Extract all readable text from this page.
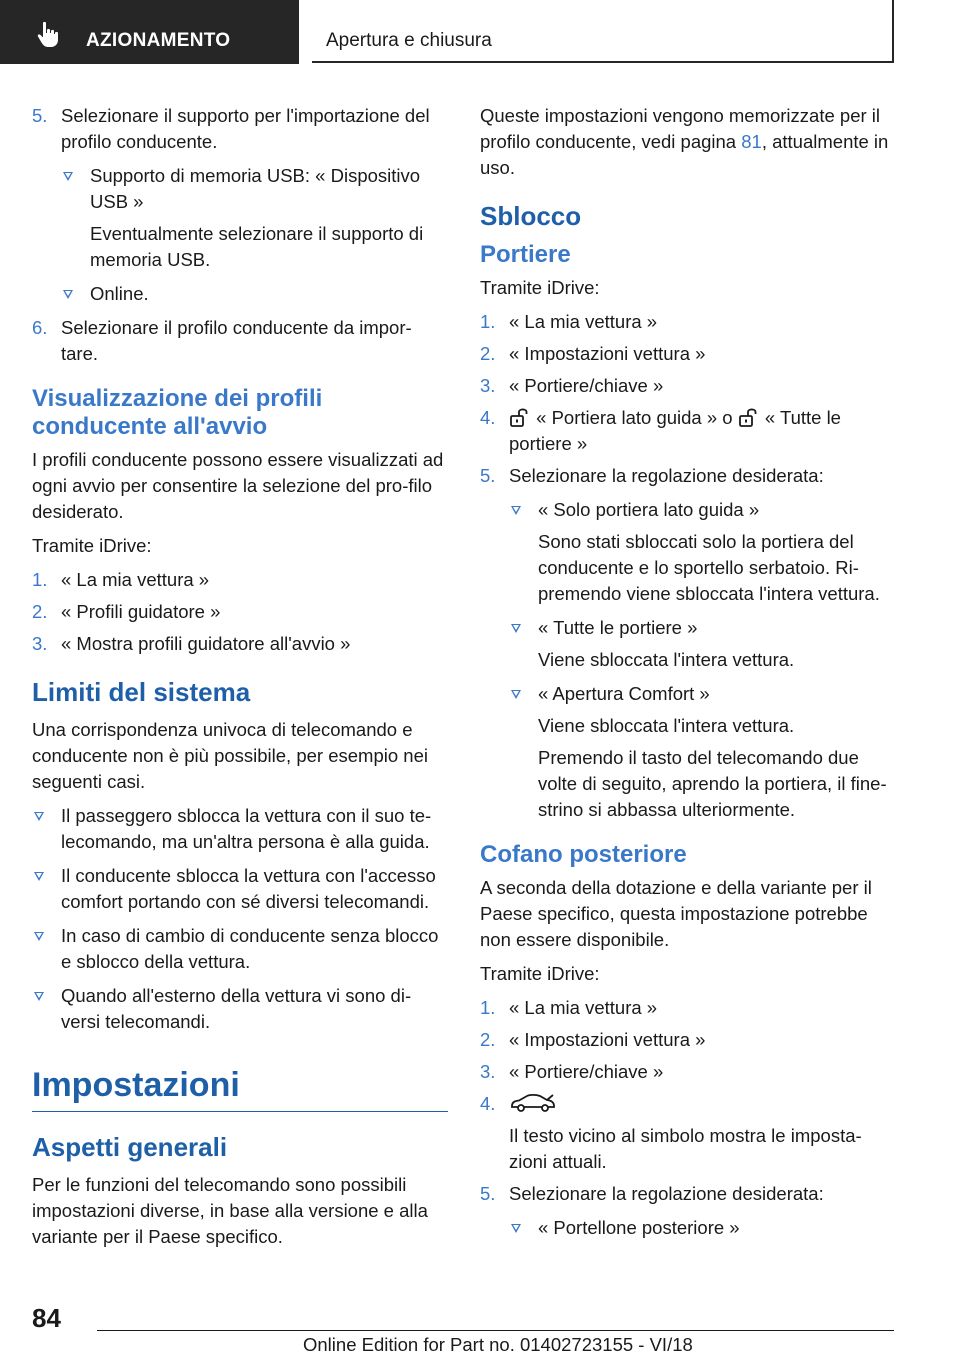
AZIONAMENTO	Apertura e chiusura
5. Selezionare il supporto per l'importazione del profilo conducente.
Supporto di memoria USB: « Dispositivo USB »
Eventualmente selezionare il supporto di memoria USB.
Online.
6. Selezionare il profilo conducente da impor-tare.
Visualizzazione dei profili conducente all'avvio

I profili conducente possono essere visualizzati ad ogni avvio per consentire la selezione del pro-filo desiderato.

Tramite iDrive:

1. « La mia vettura »
2. « Profili guidatore »
3. « Mostra profili guidatore all'avvio »
Limiti del sistema

Una corrispondenza univoca di telecomando e conducente non è più possibile, per esempio nei seguenti casi.

Il passeggero sblocca la vettura con il suo te-lecomando, ma un'altra persona è alla guida.
Il conducente sblocca la vettura con l'accesso comfort portando con sé diversi telecomandi.
In caso di cambio di conducente senza blocco e sblocco della vettura.
Quando all'esterno della vettura vi sono di-versi telecomandi.
Impostazioni
Aspetti generali

Per le funzioni del telecomando sono possibili impostazioni diverse, in base alla versione e alla variante per il Paese specifico.

Queste impostazioni vengono memorizzate per il profilo conducente, vedi pagina 81, attualmente in uso.

Sblocco
Portiere

Tramite iDrive:

1. « La mia vettura »
2. « Impostazioni vettura »
3. « Portiere/chiave »
4. « Portiera lato guida » o  « Tutte le portiere »
5. Selezionare la regolazione desiderata:
« Solo portiera lato guida »
Sono stati sbloccati solo la portiera del conducente e lo sportello serbatoio. Ri-premendo viene sbloccata l'intera vettura.
« Tutte le portiere »
Viene sbloccata l'intera vettura.
« Apertura Comfort »
Viene sbloccata l'intera vettura.
Premendo il tasto del telecomando due volte di seguito, aprendo la portiera, il fine-strino si abbassa ulteriormente.
Cofano posteriore

A seconda della dotazione e della variante per il Paese specifico, questa impostazione potrebbe non essere disponibile.

Tramite iDrive:

1. « La mia vettura »
2. « Impostazioni vettura »
3. « Portiere/chiave »
4.
Il testo vicino al simbolo mostra le imposta-zioni attuali.
5. Selezionare la regolazione desiderata:
« Portellone posteriore »
84
Online Edition for Part no. 01402723155 - VI/18
